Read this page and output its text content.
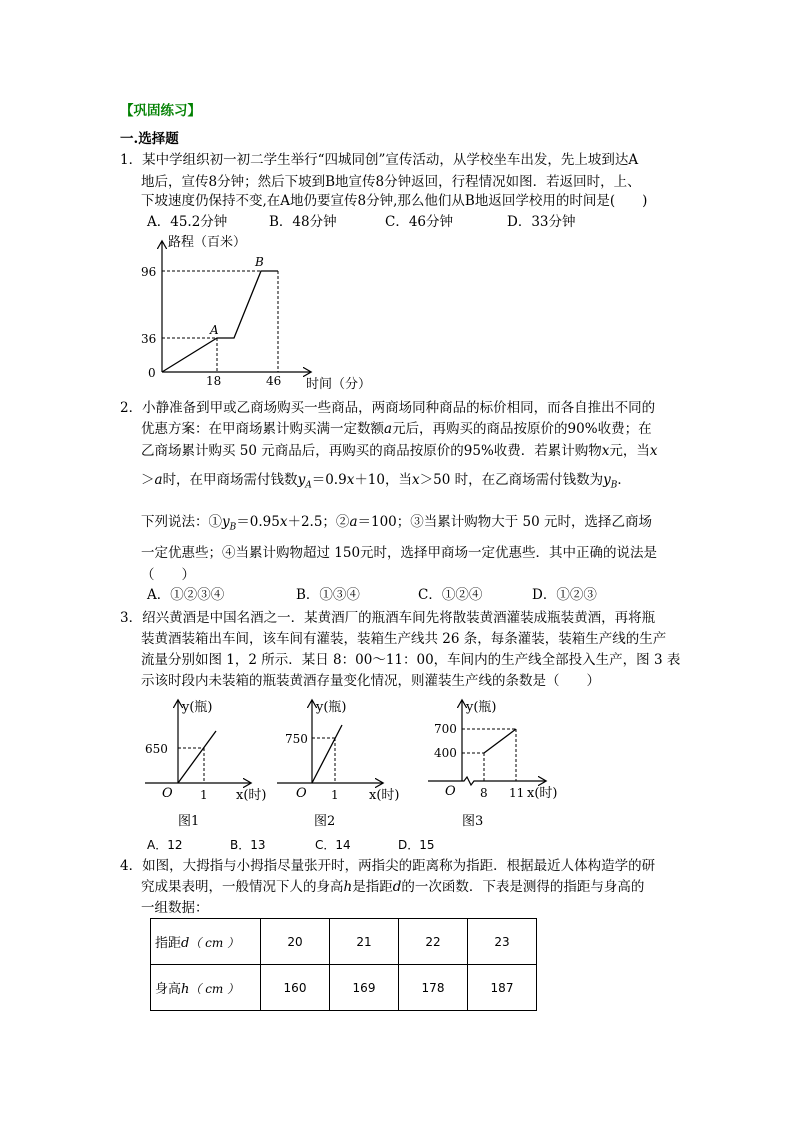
【巩固练习】
一.选择题
1．某中学组织初一初二学生举行“四城同创”宣传活动，从学校坐车出发，先上坡到达A
地后，宣传8分钟；然后下坡到B地宣传8分钟返回，行程情况如图．若返回时，上、
下坡速度仍保持不变,在A地仍要宣传8分钟,那么他们从B地返回学校用的时间是(　　)
A．45.2分钟	B．48分钟	C．46分钟	D．33分钟
路程（百米）
时间（分）
0
96
36
18	46
A
B
2．小静准备到甲或乙商场购买一些商品，两商场同种商品的标价相同，而各自推出不同的
优惠方案：在甲商场累计购买满一定数额a元后，再购买的商品按原价的90%收费；在
乙商场累计购买 50 元商品后，再购买的商品按原价的95%收费．若累计购物x元，当x
＞a时，在甲商场需付钱数$y_A=0.9x+10$，当x＞50 时，在乙商场需付钱数为$y_B$．
下列说法：$①y_B=0.95x+2.5$；②a＝100；③当累计购物大于 50 元时，选择乙商场
一定优惠些；④当累计购物超过 150元时，选择甲商场一定优惠些．其中正确的说法是
（　　）
A．①②③④	B．①③④	C．①②④	D．①②③
3．绍兴黄酒是中国名酒之一．某黄酒厂的瓶酒车间先将散装黄酒灌装成瓶装黄酒，再将瓶
装黄酒装箱出车间，该车间有灌装，装箱生产线共 26 条，每条灌装，装箱生产线的生产
流量分别如图 1，2 所示．某日 8：00～11：00，车间内的生产线全部投入生产，图 3 表
示该时段内未装箱的瓶装黄酒存量变化情况，则灌装生产线的条数是（　　）
y(瓶)
x(时)
O
650
1
图1
y(瓶)
x(时)
O
750
1
图2
y(瓶)
x(时)
O
700
400
8 11
图3
A．12	B．13	C．14	D．15
4．如图，大拇指与小拇指尽量张开时，两指尖的距离称为指距．根据最近人体构造学的研
究成果表明，一般情况下人的身高h是指距d的一次函数．下表是测得的指距与身高的
一组数据：
指距d（ cm ）	20	21	22	23
身高h（ cm ）	160	169	178	187
